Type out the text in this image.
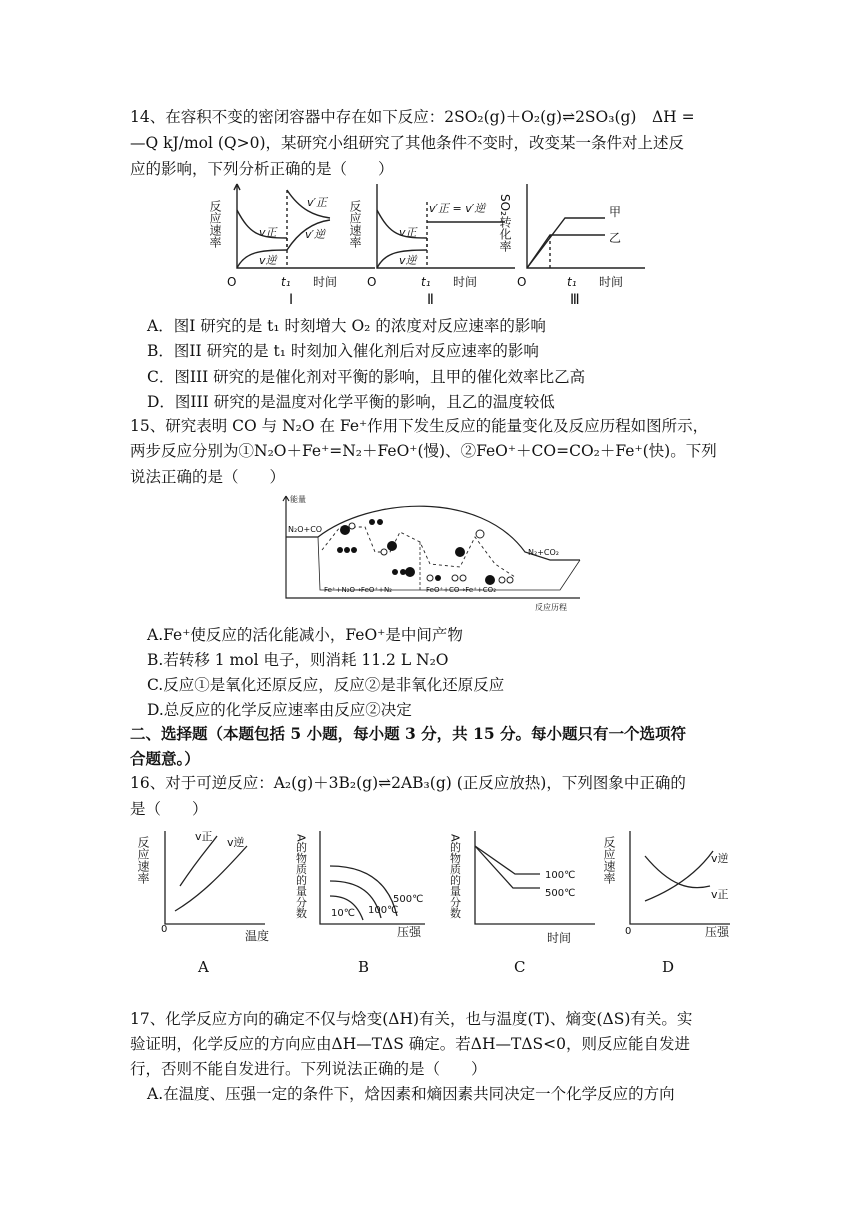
14、在容积不变的密闭容器中存在如下反应：2SO₂(g)＋O₂(g)⇌2SO₃(g)　ΔH =
—Q kJ/mol (Q>0)，某研究小组研究了其他条件不变时，改变某一条件对上述反
应的影响，下列分析正确的是（　　）
反应速率	v正
v逆
v′正
v′逆
O	t₁ 时间
Ⅰ
反应速率	v正
v逆
v′正 = v′逆
O	t₁ 时间
Ⅱ
SO₂转化率	甲
乙
O	t₁ 时间
Ⅲ
A．图I 研究的是 t₁ 时刻增大 O₂ 的浓度对反应速率的影响
B．图II 研究的是 t₁ 时刻加入催化剂后对反应速率的影响
C．图III 研究的是催化剂对平衡的影响，且甲的催化效率比乙高
D．图III 研究的是温度对化学平衡的影响，且乙的温度较低
15、研究表明 CO 与 N₂O 在 Fe⁺作用下发生反应的能量变化及反应历程如图所示，
两步反应分别为①N₂O＋Fe⁺=N₂＋FeO⁺(慢)、②FeO⁺＋CO=CO₂＋Fe⁺(快)。下列
说法正确的是（　　）
能量
N₂O+CO
N₂+CO₂
Fe⁺+N₂O→FeO⁺+N₂	FeO⁺+CO→Fe⁺+CO₂
反应历程
A.Fe⁺使反应的活化能减小，FeO⁺是中间产物
B.若转移 1 mol 电子，则消耗 11.2 L N₂O
C.反应①是氧化还原反应，反应②是非氧化还原反应
D.总反应的化学反应速率由反应②决定
二、选择题（本题包括 5 小题，每小题 3 分，共 15 分。每小题只有一个选项符
合题意。）
16、对于可逆反应：A₂(g)＋3B₂(g)⇌2AB₃(g) (正反应放热)，下列图象中正确的
是（　　）
反应速率	v正 v逆
0	温度
A的物质的量分数	500℃
100℃
10℃
压强
A的物质的量分数	100℃
500℃
时间
反应速率	v逆
v正
0	压强
A	B	C	D
17、化学反应方向的确定不仅与焓变(ΔH)有关，也与温度(T)、熵变(ΔS)有关。实
验证明，化学反应的方向应由ΔH—TΔS 确定。若ΔH—TΔS<0，则反应能自发进
行，否则不能自发进行。下列说法正确的是（　　）
A.在温度、压强一定的条件下，焓因素和熵因素共同决定一个化学反应的方向
